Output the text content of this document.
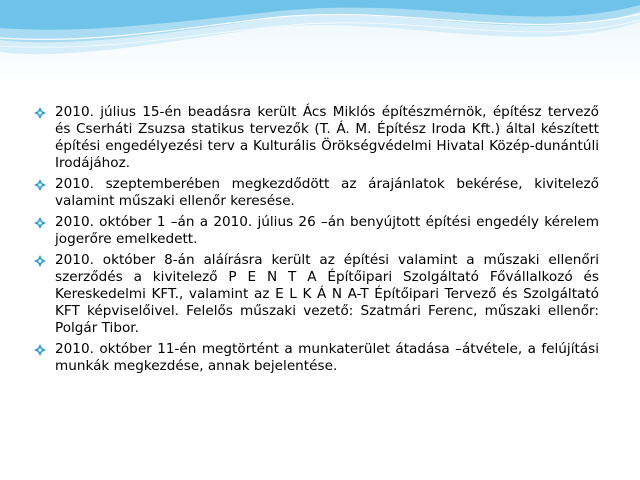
2010. július 15-én beadásra került Ács Miklós építészmérnök, építész tervező és Cserháti Zsuzsa statikus tervezők (T. Á. M. Építész Iroda Kft.) által készített építési engedélyezési terv a Kulturális Örökségvédelmi Hivatal Közép-dunántúli Irodájához.
2010. szeptemberében megkezdődött az árajánlatok bekérése, kivitelező valamint műszaki ellenőr keresése.
2010. október 1 –án a 2010. július 26 –án benyújtott építési engedély kérelem jogerőre emelkedett.
2010. október 8-án aláírásra került az építési valamint a műszaki ellenőri szerződés a kivitelező P E N T A Építőipari Szolgáltató Fővállalkozó és Kereskedelmi KFT., valamint az E L K Á N A-T Építőipari Tervező és Szolgáltató KFT képviselőivel. Felelős műszaki vezető: Szatmári Ferenc, műszaki ellenőr: Polgár Tibor.
2010. október 11-én megtörtént a munkaterület átadása –átvétele, a felújítási munkák megkezdése, annak bejelentése.
